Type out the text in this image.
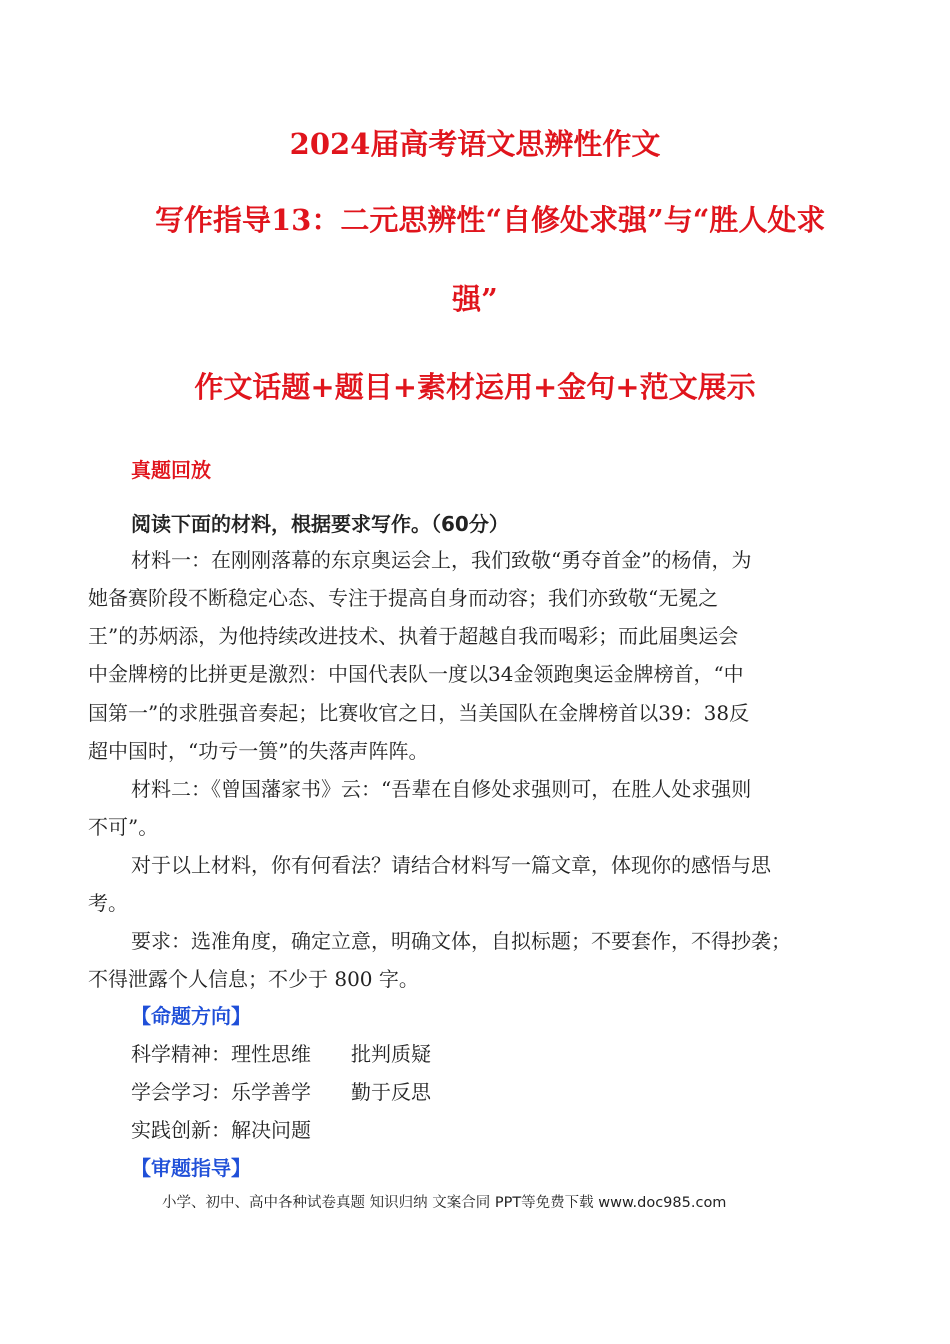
2024届高考语文思辨性作文
写作指导13：二元思辨性“自修处求强”与“胜人处求
强”
作文话题+题目+素材运用+金句+范文展示
真题回放
阅读下面的材料，根据要求写作。（60分）
材料一：在刚刚落幕的东京奥运会上，我们致敬“勇夺首金”的杨倩，为
她备赛阶段不断稳定心态、专注于提高自身而动容；我们亦致敬“无冕之
王”的苏炳添，为他持续改进技术、执着于超越自我而喝彩；而此届奥运会
中金牌榜的比拼更是激烈：中国代表队一度以34金领跑奥运金牌榜首，“中
国第一”的求胜强音奏起；比赛收官之日，当美国队在金牌榜首以39：38反
超中国时，“功亏一篑”的失落声阵阵。
材料二：《曾国藩家书》云：“吾辈在自修处求强则可，在胜人处求强则
不可”。
对于以上材料，你有何看法？请结合材料写一篇文章，体现你的感悟与思
考。
要求：选准角度，确定立意，明确文体，自拟标题；不要套作，不得抄袭；
不得泄露个人信息；不少于 800 字。
【命题方向】
科学精神：理性思维　　批判质疑
学会学习：乐学善学　　勤于反思
实践创新：解决问题
【审题指导】
小学、初中、高中各种试卷真题 知识归纳 文案合同 PPT等免费下载 www.doc985.com
